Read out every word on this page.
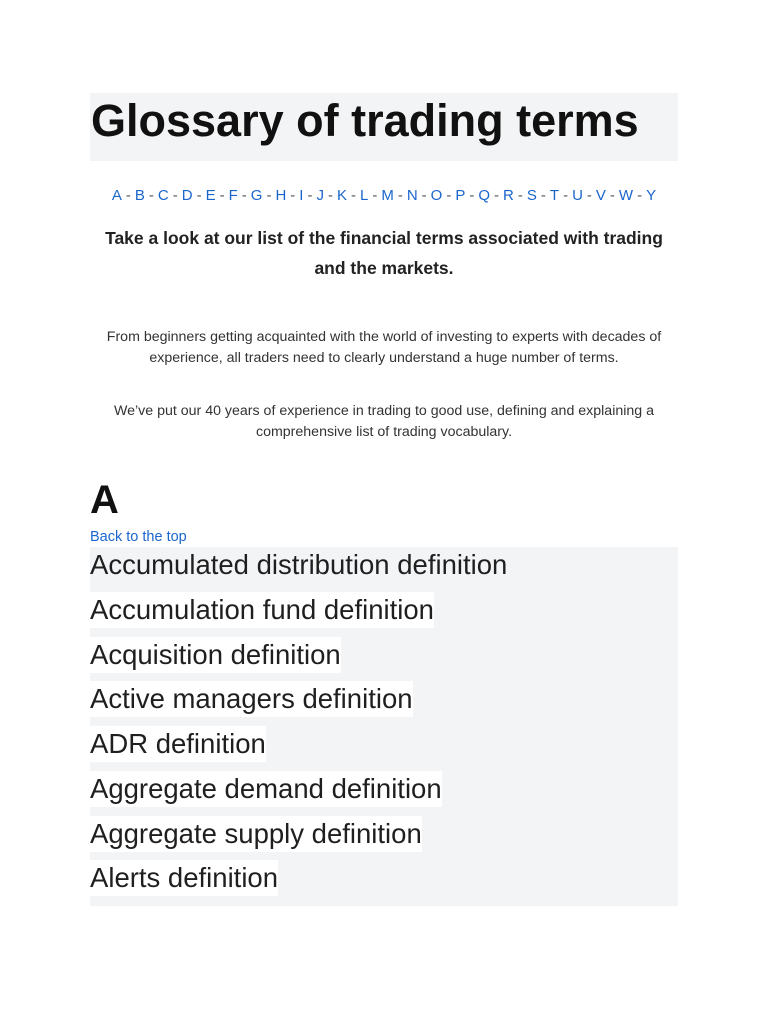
Glossary of trading terms
A - B - C - D - E - F - G - H - I - J - K - L - M - N - O - P - Q - R - S - T - U - V - W - Y

Take a look at our list of the financial terms associated with trading and the markets.

From beginners getting acquainted with the world of investing to experts with decades of experience, all traders need to clearly understand a huge number of terms.

We’ve put our 40 years of experience in trading to good use, defining and explaining a comprehensive list of trading vocabulary.

A
Back to the top
Accumulated distribution definition
Accumulation fund definition
Acquisition definition
Active managers definition
ADR definition
Aggregate demand definition
Aggregate supply definition
Alerts definition
